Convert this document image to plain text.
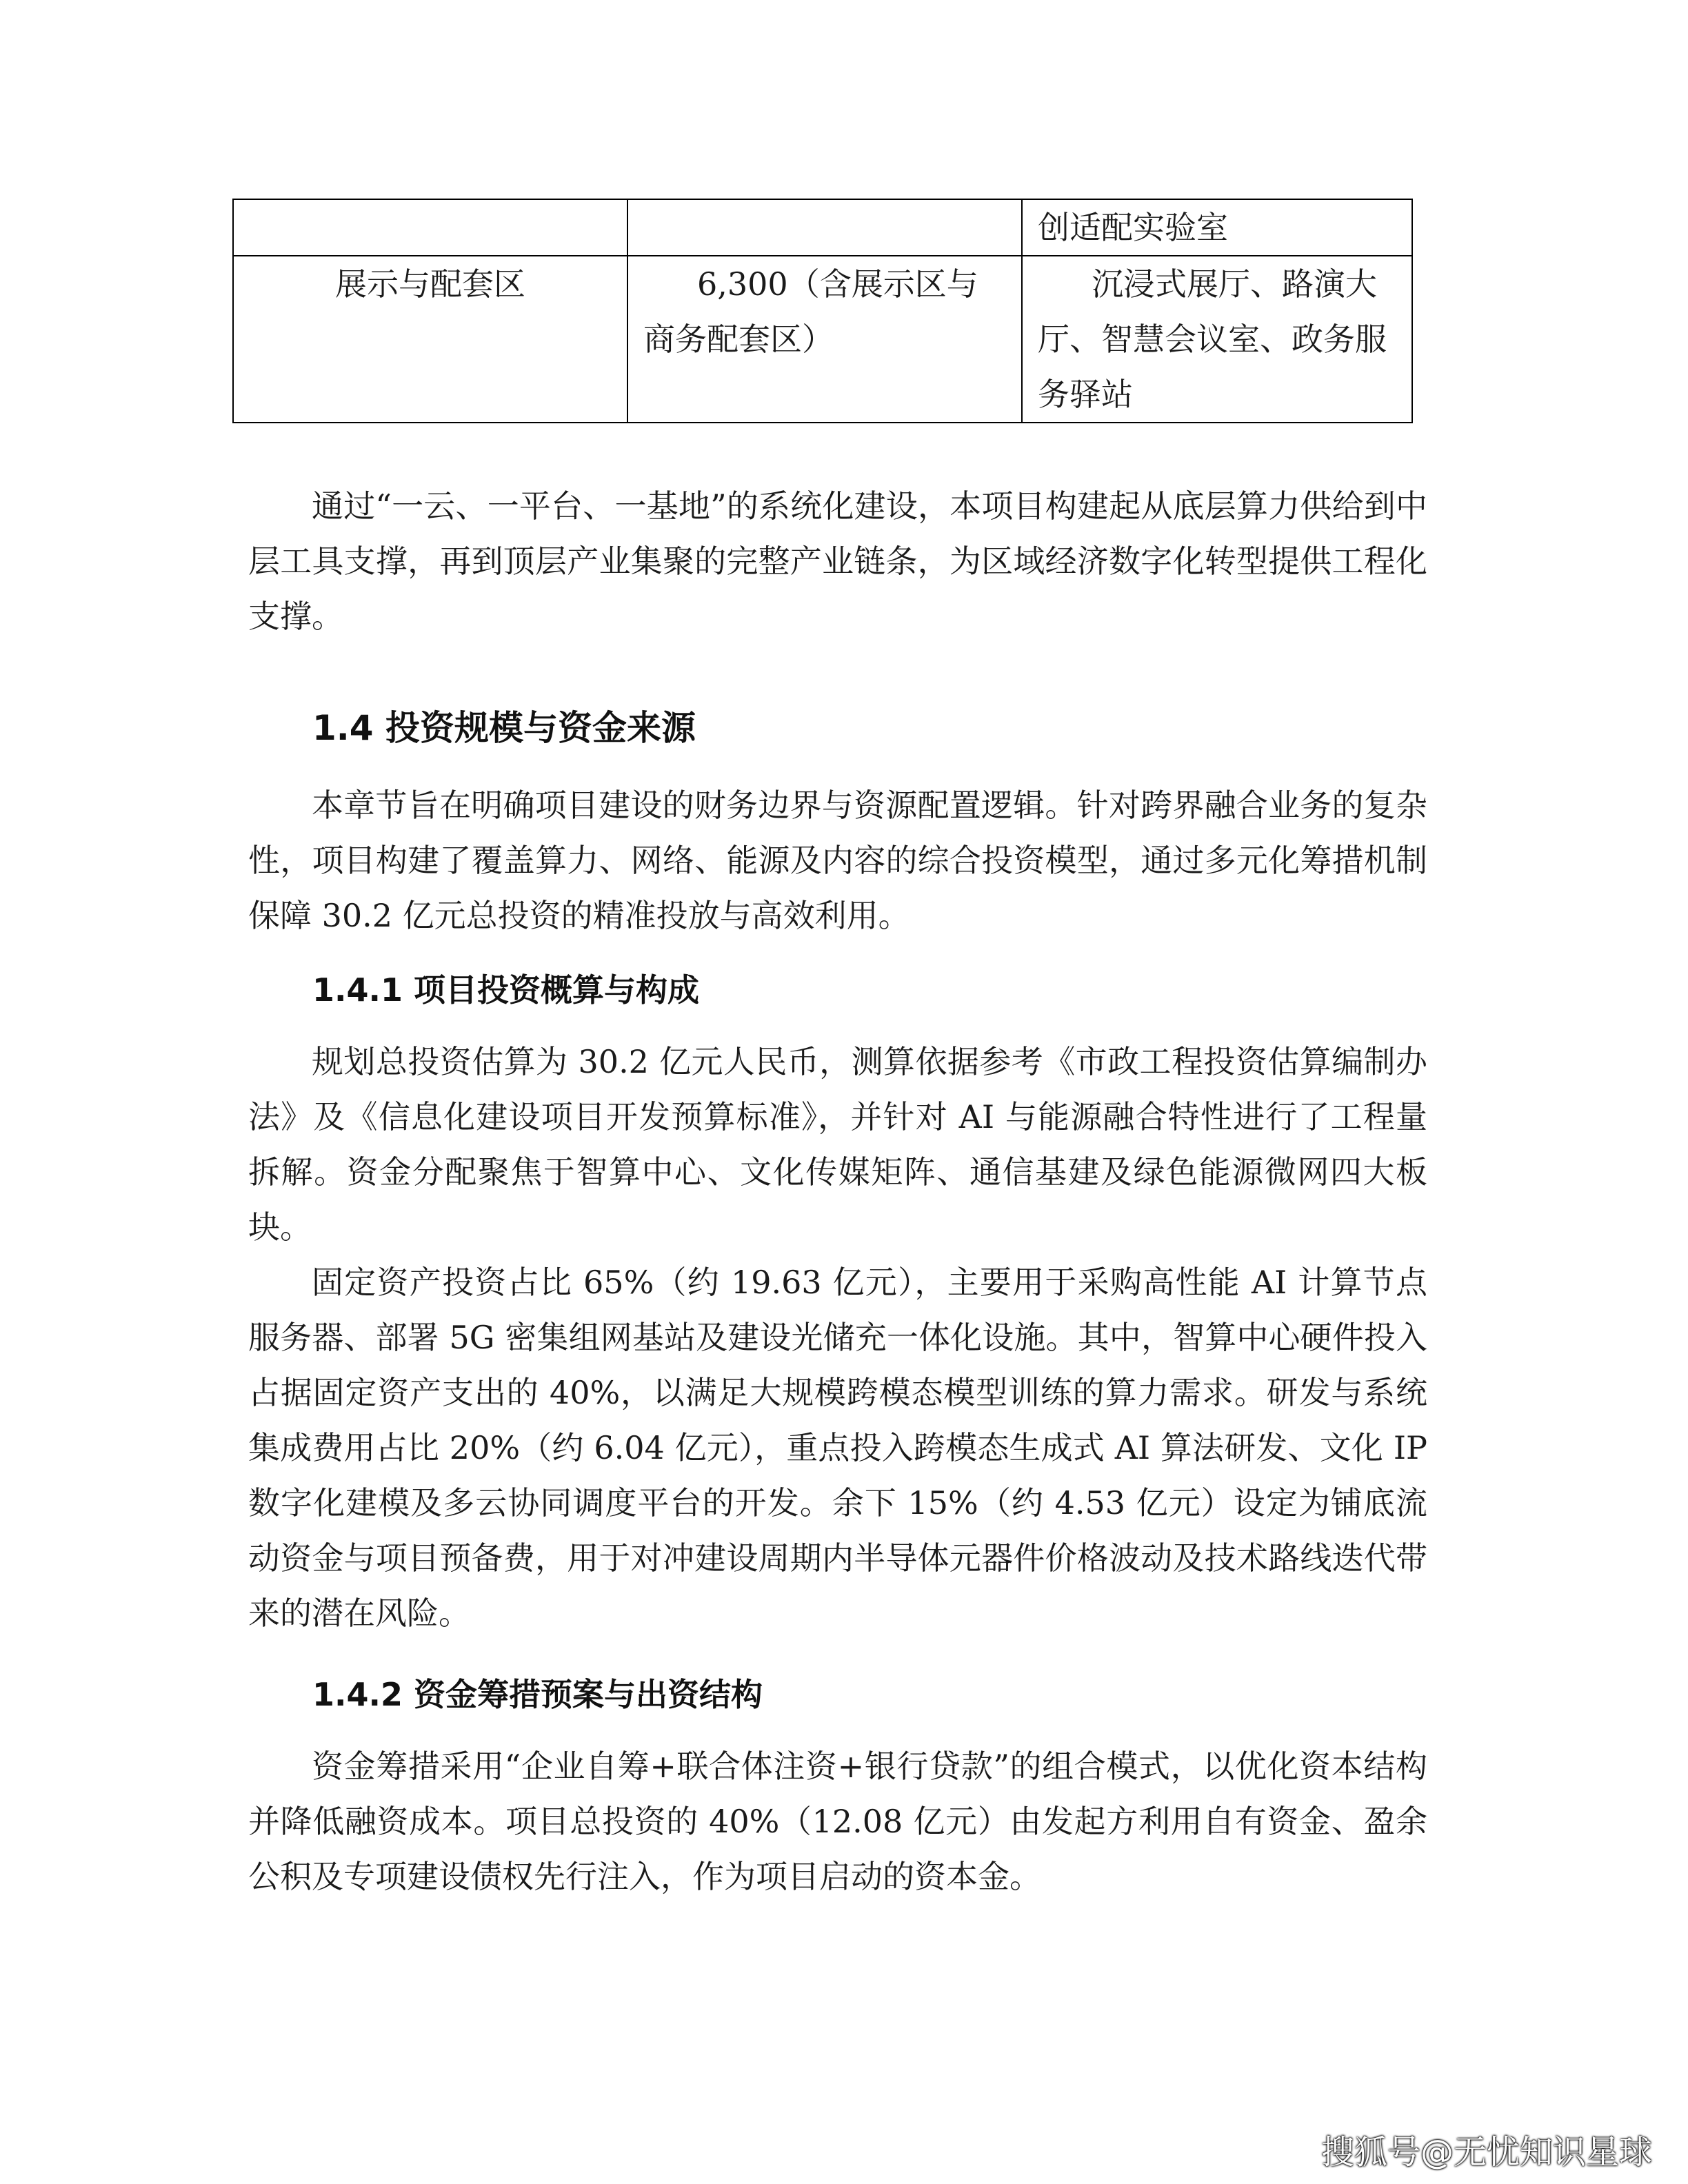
		创适配实验室
展示与配套区	6,300（含展示区与商务配套区）	沉浸式展厅、路演大厅、智慧会议室、政务服务驿站

通过“一云、一平台、一基地”的系统化建设，本项目构建起从底层算力供给到中层工具支撑，再到顶层产业集聚的完整产业链条，为区域经济数字化转型提供工程化支撑。

1.4 投资规模与资金来源

本章节旨在明确项目建设的财务边界与资源配置逻辑。针对跨界融合业务的复杂性，项目构建了覆盖算力、网络、能源及内容的综合投资模型，通过多元化筹措机制保障 30.2 亿元总投资的精准投放与高效利用。

1.4.1 项目投资概算与构成

规划总投资估算为 30.2 亿元人民币，测算依据参考《市政工程投资估算编制办法》及《信息化建设项目开发预算标准》，并针对 AI 与能源融合特性进行了工程量拆解。资金分配聚焦于智算中心、文化传媒矩阵、通信基建及绿色能源微网四大板块。

固定资产投资占比 65%（约 19.63 亿元），主要用于采购高性能 AI 计算节点服务器、部署 5G 密集组网基站及建设光储充一体化设施。其中，智算中心硬件投入占据固定资产支出的 40%，以满足大规模跨模态模型训练的算力需求。研发与系统集成费用占比 20%（约 6.04 亿元），重点投入跨模态生成式 AI 算法研发、文化 IP 数字化建模及多云协同调度平台的开发。余下 15%（约 4.53 亿元）设定为铺底流动资金与项目预备费，用于对冲建设周期内半导体元器件价格波动及技术路线迭代带来的潜在风险。

1.4.2 资金筹措预案与出资结构

资金筹措采用“企业自筹+联合体注资+银行贷款”的组合模式，以优化资本结构并降低融资成本。项目总投资的 40%（12.08 亿元）由发起方利用自有资金、盈余公积及专项建设债权先行注入，作为项目启动的资本金。

搜狐号@无忧知识星球
